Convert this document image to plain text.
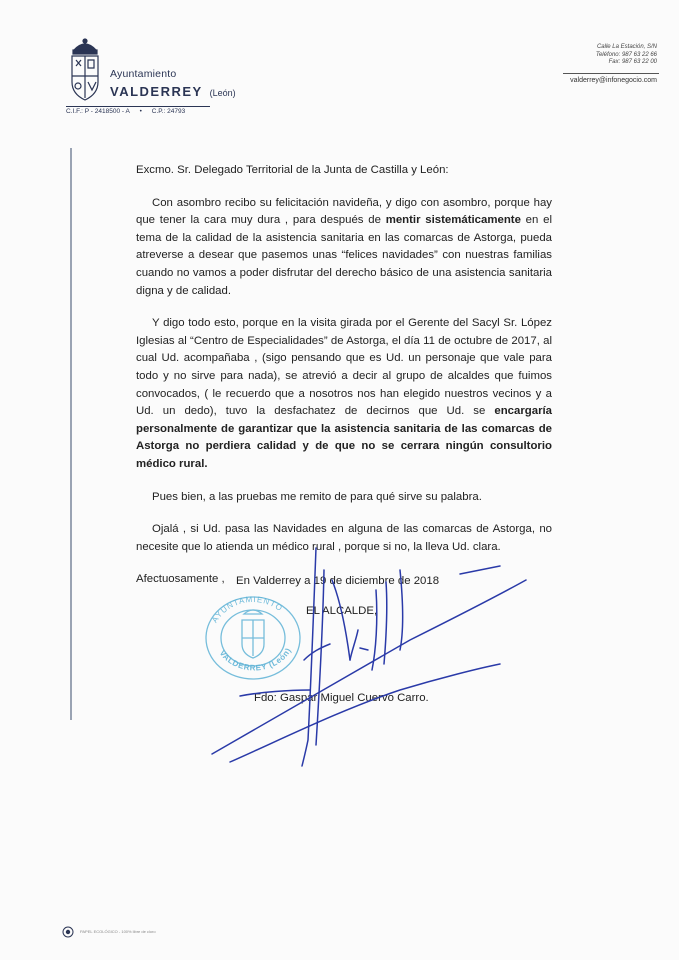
Ayuntamiento
VALDERREY (León)
C.I.F.: P - 2418500 - A • C.P.: 24793
Calle La Estación, S/N
Teléfono: 987 63 22 66
Fax: 987 63 22 00
valderrey@infonegocio.com

Excmo. Sr. Delegado Territorial de la Junta de Castilla y León:

Con asombro recibo su felicitación navideña, y digo con asombro, porque hay que tener la cara muy dura , para después de mentir sistemáticamente en el tema de la calidad de la asistencia sanitaria en las comarcas de Astorga, pueda atreverse a desear que pasemos unas “felices navidades” con nuestras familias cuando no vamos a poder disfrutar del derecho básico de una asistencia sanitaria digna y de calidad.

Y digo todo esto, porque en la visita girada por el Gerente del Sacyl Sr. López Iglesias al “Centro de Especialidades” de Astorga, el día 11 de octubre de 2017, al cual Ud. acompañaba , (sigo pensando que es Ud. un personaje que vale para todo y no sirve para nada), se atrevió a decir al grupo de alcaldes que fuimos convocados, ( le recuerdo que a nosotros nos han elegido nuestros vecinos y a Ud. un dedo), tuvo la desfachatez de decirnos que Ud. se encargaría personalmente de garantizar que la asistencia sanitaria de las comarcas de Astorga no perdiera calidad y de que no se cerrara ningún consultorio médico rural.

Pues bien, a las pruebas me remito de para qué sirve su palabra.

Ojalá , si Ud. pasa las Navidades en alguna de las comarcas de Astorga, no necesite que lo atienda un médico rural , porque si no, la lleva Ud. clara.

Afectuosamente , En Valderrey a 19 de diciembre de 2018
EL ALCALDE,
Fdo: Gaspar Miguel Cuervo Carro.
AYUNTAMIENTO
VALDERREY (León)
PAPEL ECOLÓGICO - 100% libre de cloro
